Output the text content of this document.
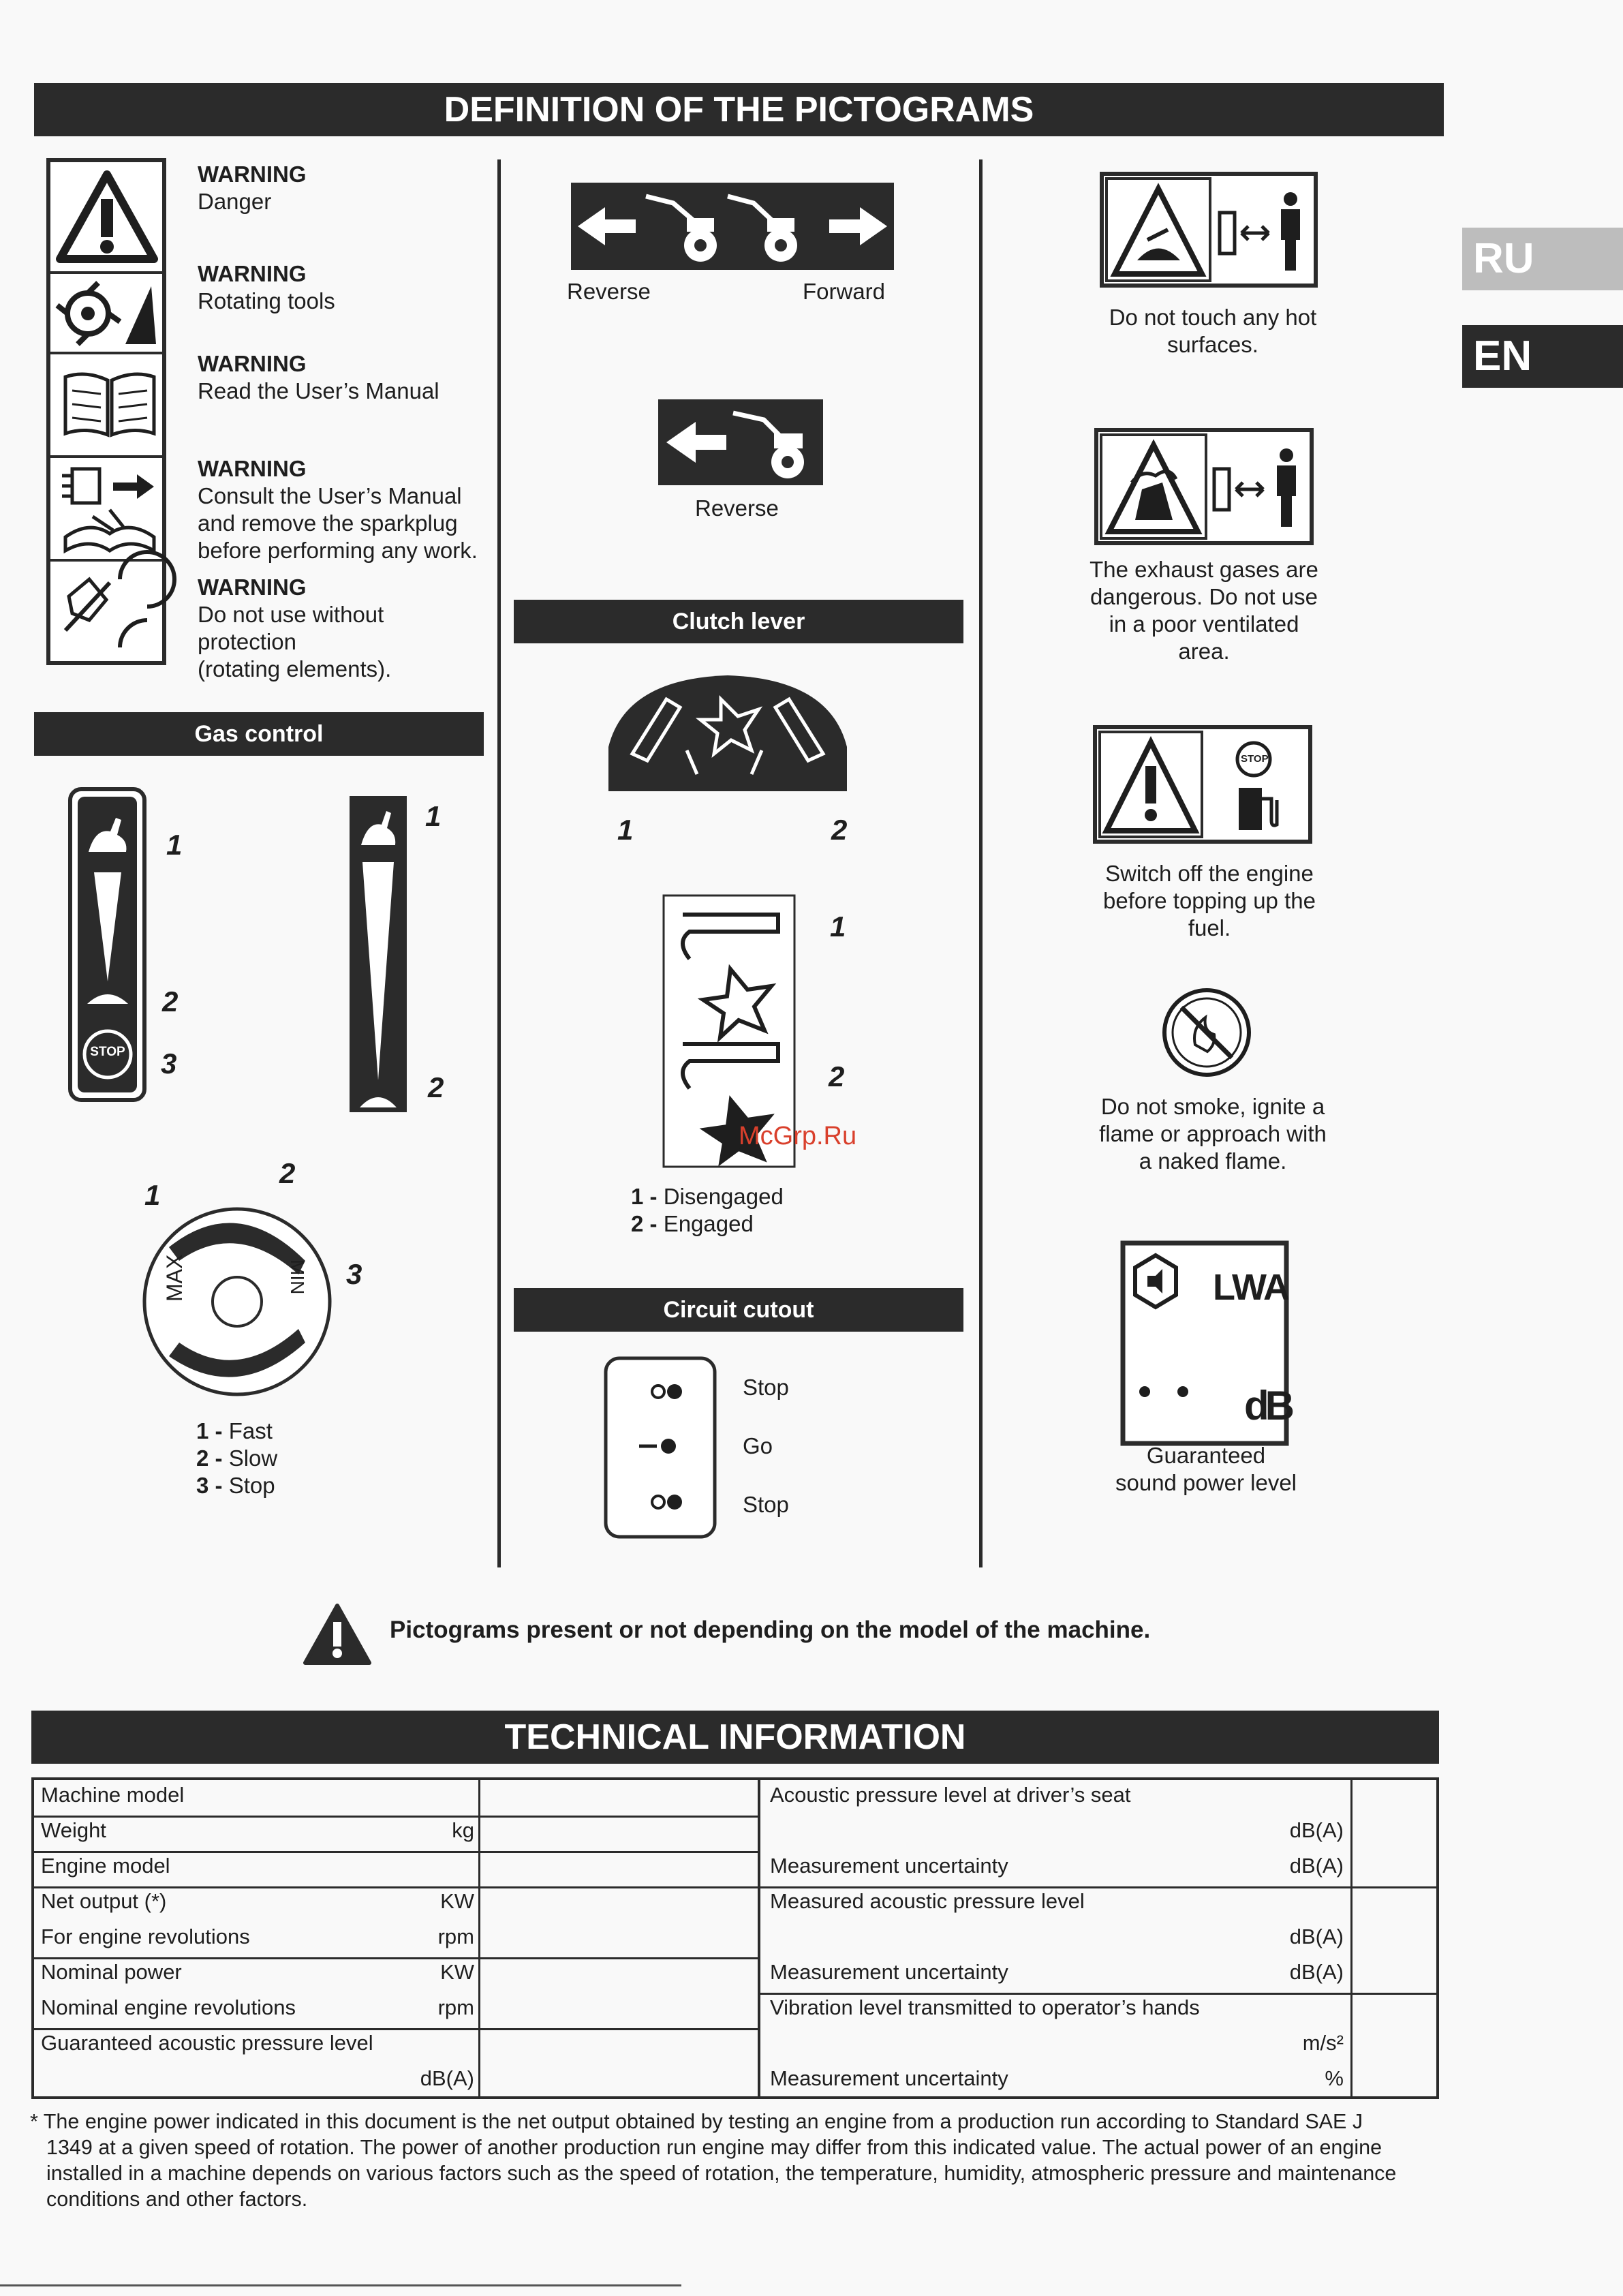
RU
EN
DEFINITION OF THE PICTOGRAMS
WARNING
Danger
WARNING
Rotating tools
WARNING
Read the User’s Manual
WARNING
Consult the User’s Manual
and remove the sparkplug
before performing any work.
WARNING
Do not use without
protection
(rotating elements).
Gas control
STOP
1
2
3
1
2
MAX	MIN
1
2
3
1 - Fast
2 - Slow
3 - Stop
Reverse	Forward
Reverse
Clutch lever
1	2
1
2
McGrp.Ru
1 - Disengaged
2 - Engaged
Circuit cutout
Stop
Go
Stop
Do not touch any hot
surfaces.
The exhaust gases are
dangerous. Do not use
in a poor ventilated
area.
STOP
Switch off the engine
before topping up the
fuel.
Do not smoke, ignite a
flame or approach with
a naked flame.
LWA
dB
Guaranteed
sound power level
Pictograms present or not depending on the model of the machine.
TECHNICAL INFORMATION
Machine model
Weight	kg
Engine model
Net output (*)	KW
For engine revolutions	rpm
Nominal power	KW
Nominal engine revolutions	rpm
Guaranteed acoustic pressure level
dB(A)
Acoustic pressure level at driver’s seat
dB(A)
Measurement uncertainty	dB(A)
Measured acoustic pressure level
dB(A)
Measurement uncertainty	dB(A)
Vibration level transmitted to operator’s hands
m/s²
Measurement uncertainty	%
* The engine power indicated in this document is the net output obtained by testing an engine from a production run according to Standard SAE J
1349 at a given speed of rotation. The power of another production run engine may differ from this indicated value. The actual power of an engine
installed in a machine depends on various factors such as the speed of rotation, the temperature, humidity, atmospheric pressure and maintenance
conditions and other factors.
